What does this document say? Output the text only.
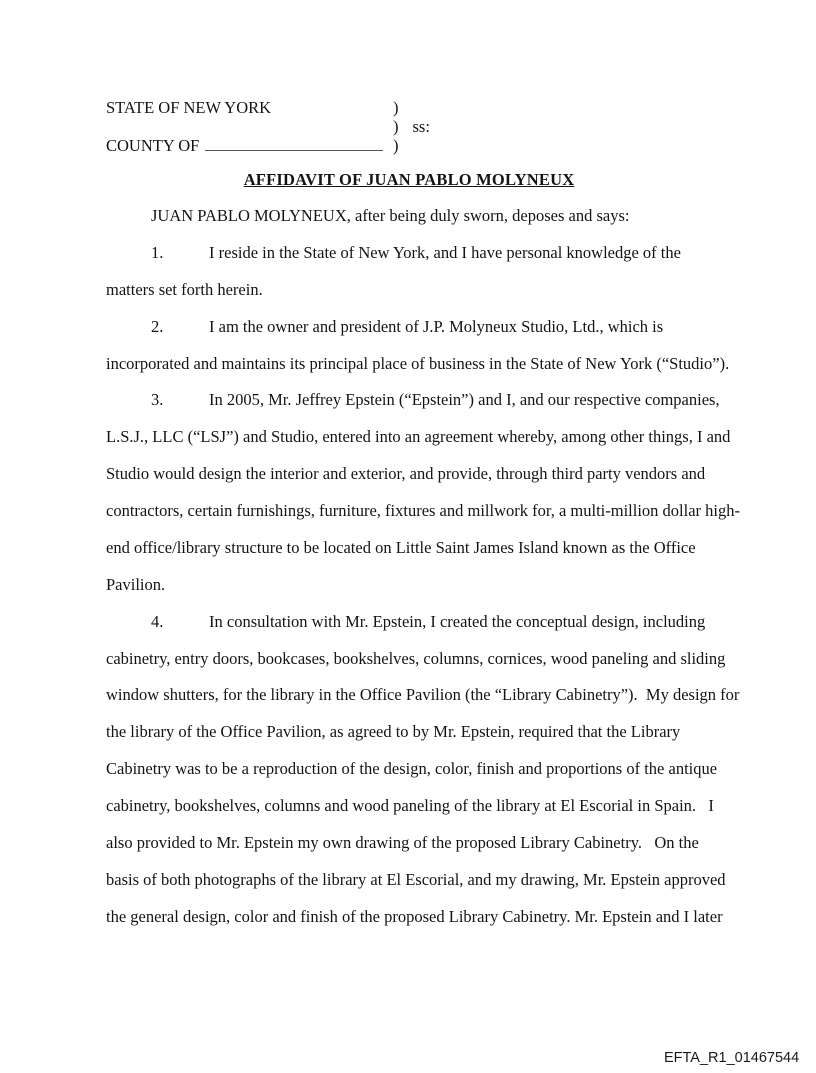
STATE OF NEW YORK	)
) ss:
COUNTY OF	)
AFFIDAVIT OF JUAN PABLO MOLYNEUX
JUAN PABLO MOLYNEUX, after being duly sworn, deposes and says:
1.	I reside in the State of New York, and I have personal knowledge of the
matters set forth herein.
2.	I am the owner and president of J.P. Molyneux Studio, Ltd., which is
incorporated and maintains its principal place of business in the State of New York (“Studio”).
3.	In 2005, Mr. Jeffrey Epstein (“Epstein”) and I, and our respective companies,
L.S.J., LLC (“LSJ”) and Studio, entered into an agreement whereby, among other things, I and
Studio would design the interior and exterior, and provide, through third party vendors and
contractors, certain furnishings, furniture, fixtures and millwork for, a multi-million dollar high-
end office/library structure to be located on Little Saint James Island known as the Office
Pavilion.
4.	In consultation with Mr. Epstein, I created the conceptual design, including
cabinetry, entry doors, bookcases, bookshelves, columns, cornices, wood paneling and sliding
window shutters, for the library in the Office Pavilion (the “Library Cabinetry”).  My design for
the library of the Office Pavilion, as agreed to by Mr. Epstein, required that the Library
Cabinetry was to be a reproduction of the design, color, finish and proportions of the antique
cabinetry, bookshelves, columns and wood paneling of the library at El Escorial in Spain.   I
also provided to Mr. Epstein my own drawing of the proposed Library Cabinetry.   On the
basis of both photographs of the library at El Escorial, and my drawing, Mr. Epstein approved
the general design, color and finish of the proposed Library Cabinetry. Mr. Epstein and I later
EFTA_R1_01467544
